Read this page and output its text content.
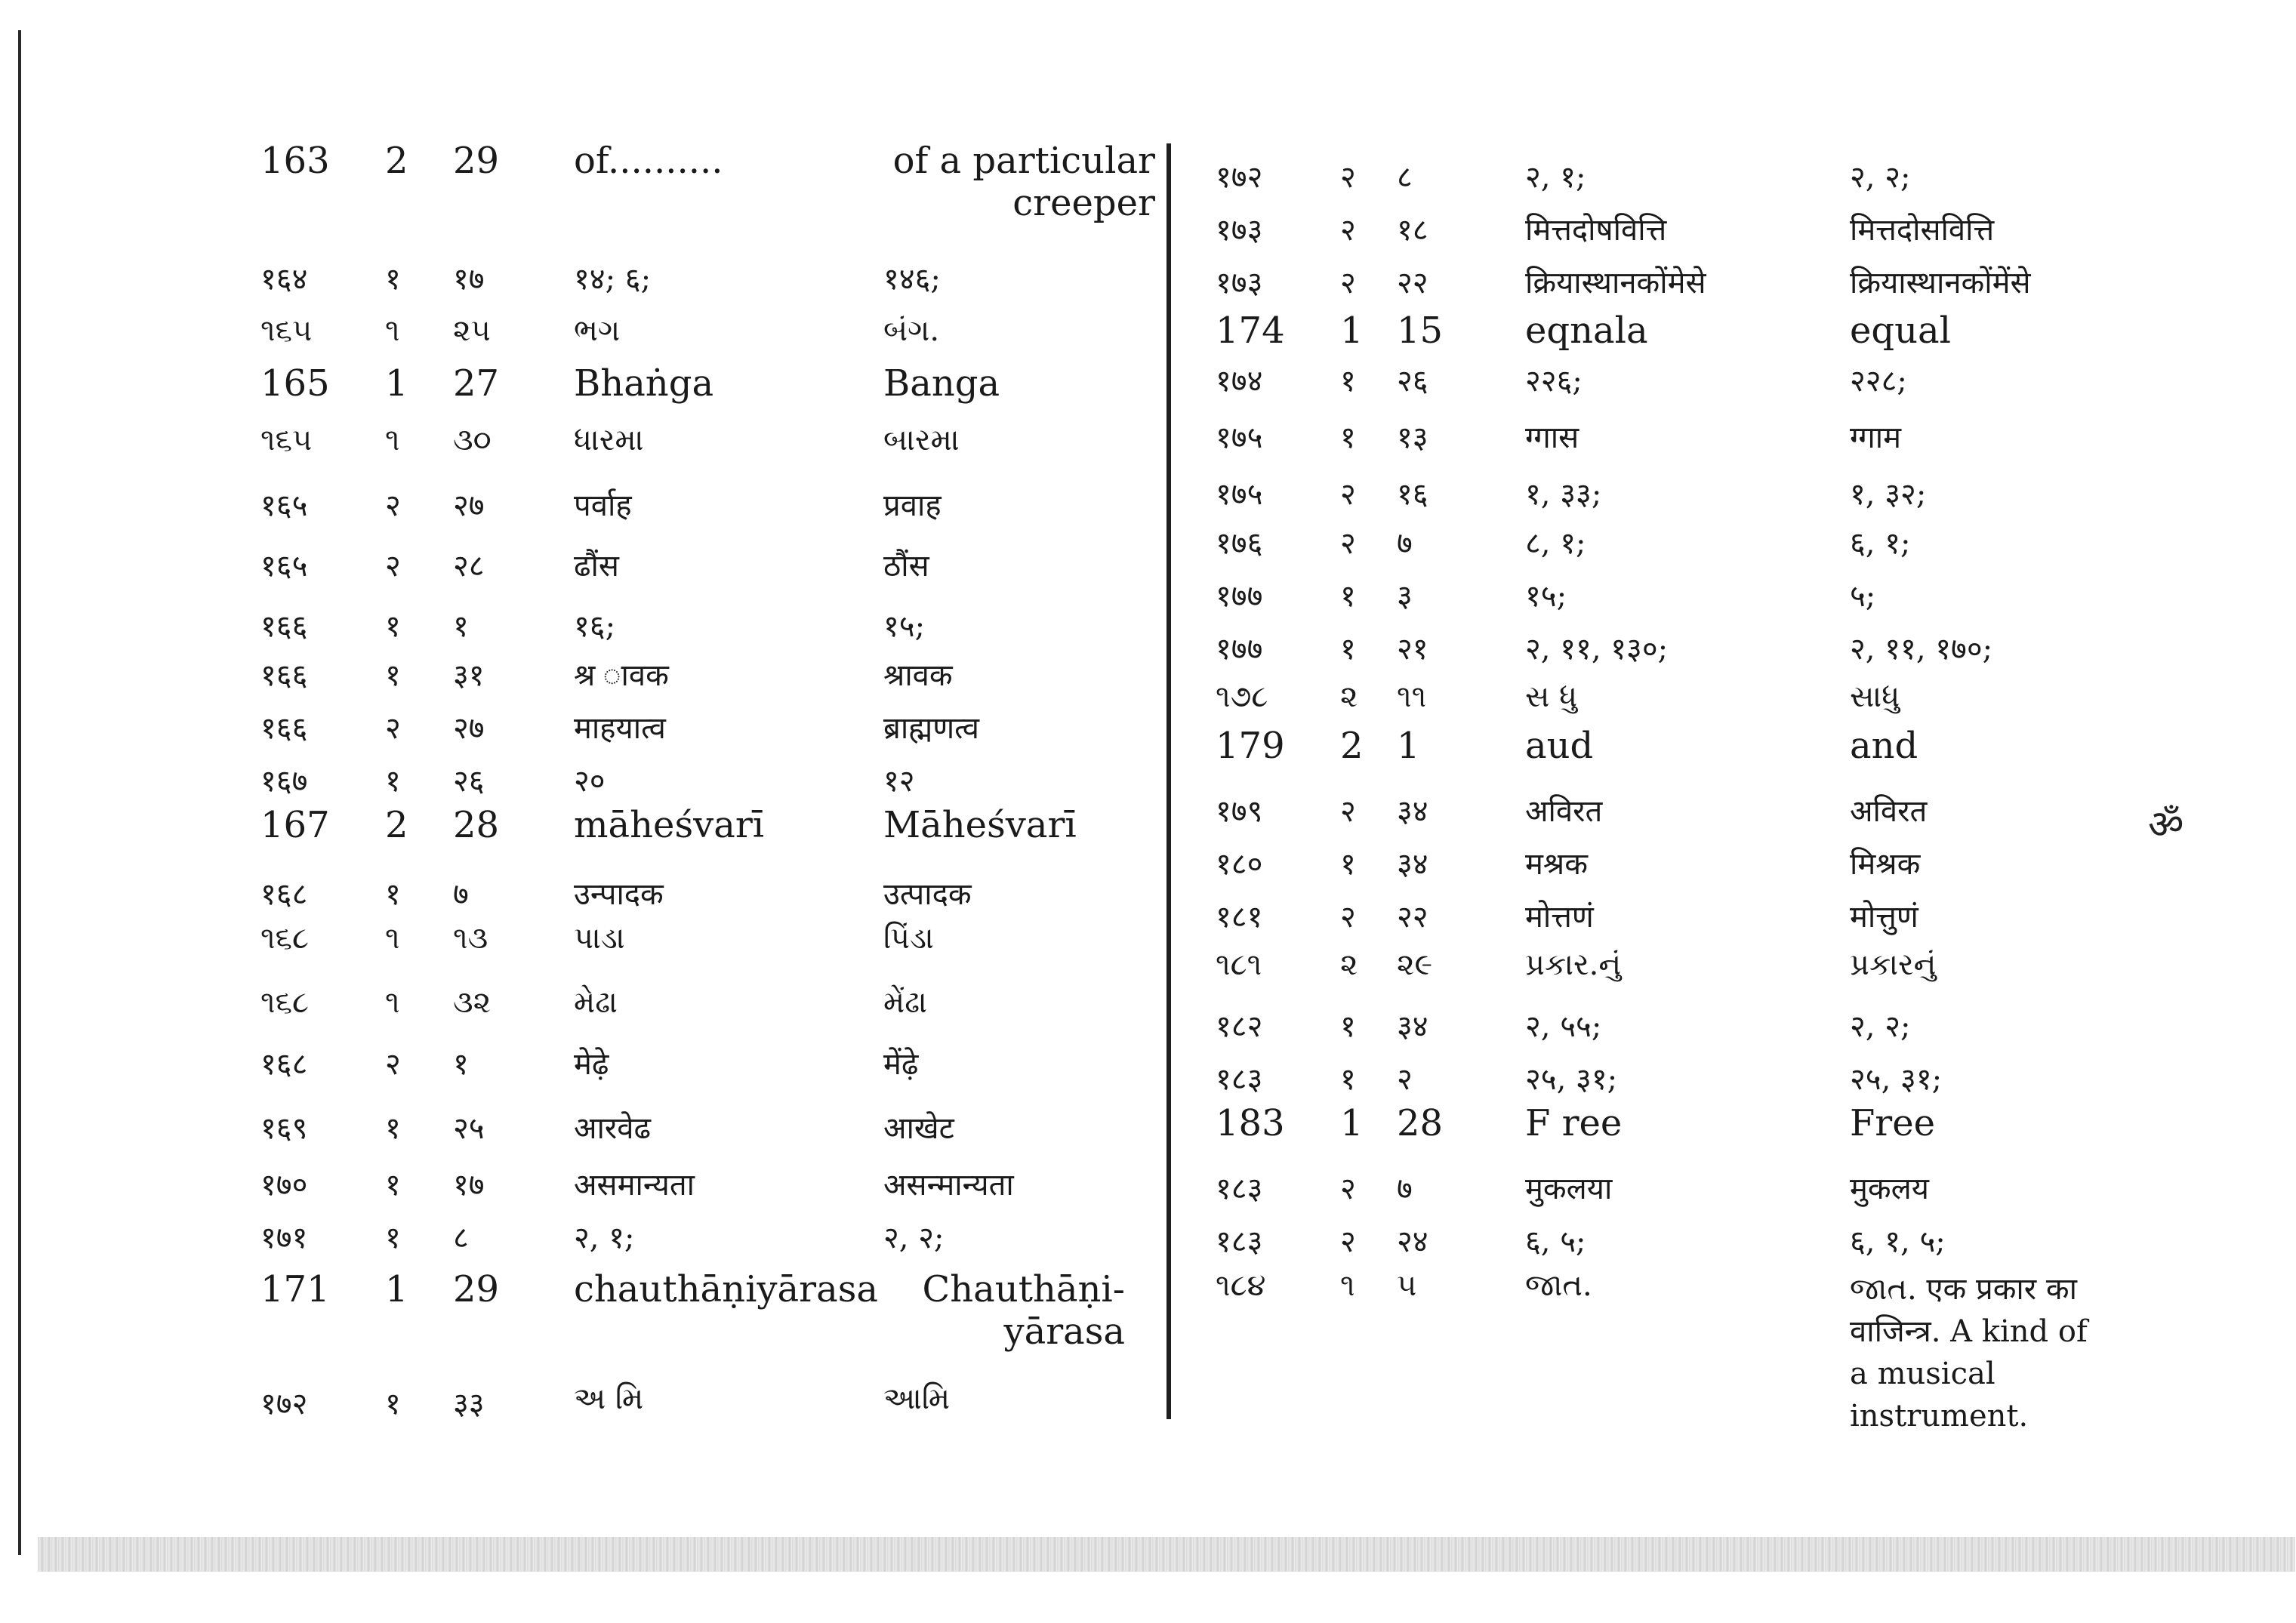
163 2 29 of..........	of a particular creeper
१६४	१ १७	१४; ६;	१४६;
૧૬૫ ૧ ૨૫	ભગ	બંગ.
165 1 27 Bhaṅga	Banga
૧૬૫ ૧ ૩૦	ધારમા	બારમા
१६५	२ २७	पर्वाह	प्रवाह
१६५	२ २८	ढौंस	ठौंस
१६६	१ १	१६;	१५;
१६६	१ ३१	श्र ावक	श्रावक
१६६	२ २७	माहयात्व	ब्राह्मणत्व
१६७	१ २६	२०	१२
167 2 28 māheśvarī	Māheśvarī
१६८	१ ७	उन्पादक	उत्पादक
૧૬૮	૧ ૧૩	પાડા	પિંડા
૧૬૮	૧ ૩૨	મેઢા	મેંઢા
१६८	२ १	मेढ़े	मेंढ़े
१६९	१ २५	आरवेढ	आखेट
१७०	१ १७	असमान्यता	असन्मान्यता
१७१	१ ८	२, १;	२, २;
171 1 29 chauthāṇiyārasa	Chauthāṇi- yārasa
१७२	१ ३३	અ મિ	આમિ
१७२	२ ८	२, १;	२, २;
१७३	२ १८	मित्तदोषवित्ति	मित्तदोसवित्ति
१७३	२ २२	क्रियास्थानकोंमेसे	क्रियास्थानकोंमेंसे
174 1 15 eqnala	equal
१७४	१ २६	२२६;	२२८;
१७५	१ १३	ग्गास	ग्गाम
१७५	२ १६	१, ३३;	१, ३२;
१७६	२ ७	८, १;	६, १;
१७७	१ ३	१५;	५;
१७७	१ २१	२, ११, १३०;	२, ११, १७०;
૧૭૮ ૨ ૧૧	સ ધુ	સાધુ
179 2 1	aud	and
१७९	२ ३४	अविरत	अविरत
१८०	१ ३४	मश्रक	मिश्रक
१८१	२ २२	मोत्तणं	मोत्तुणं
૧૮૧	૨ ૨૯	પ્રકાર.નું	પ્રકારનું
१८२	१ ३४	२, ५५;	२, २;
१८३	१ २	२५, ३१;	२५, ३१;
183 1 28 F ree	Free
१८३	२ ७	मुकलया	मुकलय
१८३	२ २४	६, ५;	६, १, ५;
૧૮૪ ૧ ૫	જાત.	જાત. एक प्रकार का वाजिन्त्र. A kind of a musical instrument.
ॐ
